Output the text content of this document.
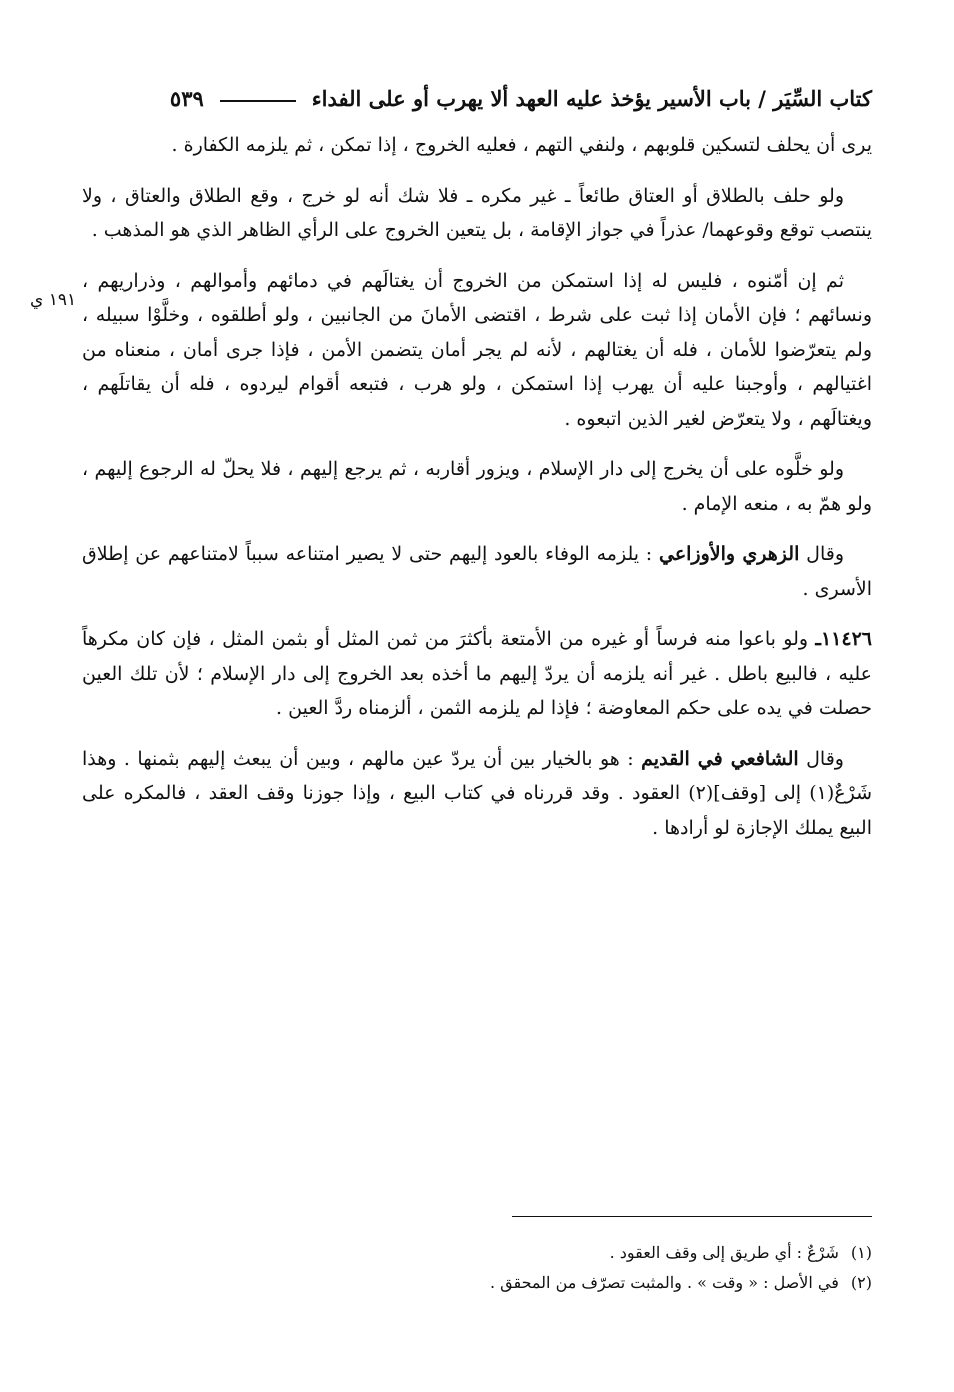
كتاب السِّيَر / باب الأسير يؤخذ عليه العهد ألا يهرب أو على الفداء
٥٣٩
١٩١ ي

يرى أن يحلف لتسكين قلوبهم ، ولنفي التهم ، فعليه الخروج ، إذا تمكن ، ثم يلزمه الكفارة .

ولو حلف بالطلاق أو العتاق طائعاً ـ غير مكره ـ فلا شك أنه لو خرج ، وقع الطلاق والعتاق ، ولا ينتصب توقع وقوعهما/ عذراً في جواز الإقامة ، بل يتعين الخروج على الرأي الظاهر الذي هو المذهب .

ثم إن أمّنوه ، فليس له إذا استمكن من الخروج أن يغتالَهم في دمائهم وأموالهم ، وذراريهم ، ونسائهم ؛ فإن الأمان إذا ثبت على شرط ، اقتضى الأمانَ من الجانبين ، ولو أطلقوه ، وخلَّوْا سبيله ، ولم يتعرّضوا للأمان ، فله أن يغتالهم ، لأنه لم يجر أمان يتضمن الأمن ، فإذا جرى أمان ، منعناه من اغتيالهم ، وأوجبنا عليه أن يهرب إذا استمكن ، ولو هرب ، فتبعه أقوام ليردوه ، فله أن يقاتلَهم ، ويغتالَهم ، ولا يتعرّض لغير الذين اتبعوه .

ولو خلَّوه على أن يخرج إلى دار الإسلام ، ويزور أقاربه ، ثم يرجع إليهم ، فلا يحلّ له الرجوع إليهم ، ولو همّ به ، منعه الإمام .

وقال الزهري والأوزاعي : يلزمه الوفاء بالعود إليهم حتى لا يصير امتناعه سبباً لامتناعهم عن إطلاق الأسرى .

١١٤٢٦ـ ولو باعوا منه فرساً أو غيره من الأمتعة بأكثرَ من ثمن المثل أو بثمن المثل ، فإن كان مكرهاً عليه ، فالبيع باطل . غير أنه يلزمه أن يردّ إليهم ما أخذه بعد الخروج إلى دار الإسلام ؛ لأن تلك العين حصلت في يده على حكم المعاوضة ؛ فإذا لم يلزمه الثمن ، ألزمناه ردَّ العين .

وقال الشافعي في القديم : هو بالخيار بين أن يردّ عين مالهم ، وبين أن يبعث إليهم بثمنها . وهذا شَرْعٌ(١) إلى [وقف](٢) العقود . وقد قررناه في كتاب البيع ، وإذا جوزنا وقف العقد ، فالمكره على البيع يملك الإجازة لو أرادها .

(١)
شَرْعٌ : أي طريق إلى وقف العقود .
(٢)
في الأصل : « وقت » . والمثبت تصرّف من المحقق .
